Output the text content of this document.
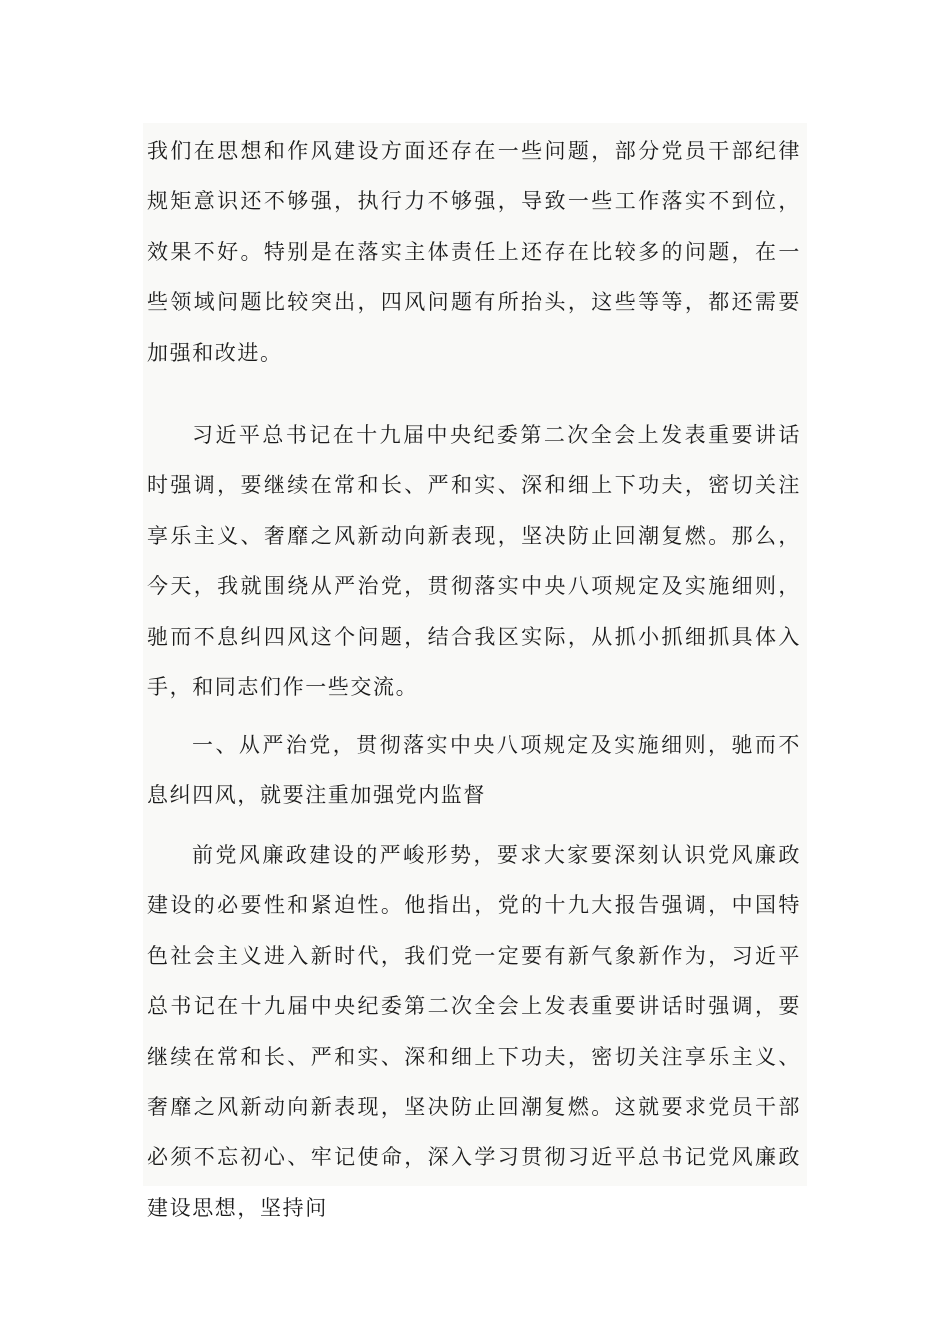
我们在思想和作风建设方面还存在一些问题，部分党员干部纪律规矩意识还不够强，执行力不够强，导致一些工作落实不到位，效果不好。特别是在落实主体责任上还存在比较多的问题，在一些领域问题比较突出，四风问题有所抬头，这些等等，都还需要加强和改进。

习近平总书记在十九届中央纪委第二次全会上发表重要讲话时强调，要继续在常和长、严和实、深和细上下功夫，密切关注享乐主义、奢靡之风新动向新表现，坚决防止回潮复燃。那么，今天，我就围绕从严治党，贯彻落实中央八项规定及实施细则，驰而不息纠四风这个问题，结合我区实际，从抓小抓细抓具体入手，和同志们作一些交流。

一、从严治党，贯彻落实中央八项规定及实施细则，驰而不息纠四风，就要注重加强党内监督

前党风廉政建设的严峻形势，要求大家要深刻认识党风廉政建设的必要性和紧迫性。他指出，党的十九大报告强调，中国特色社会主义进入新时代，我们党一定要有新气象新作为，习近平总书记在十九届中央纪委第二次全会上发表重要讲话时强调，要继续在常和长、严和实、深和细上下功夫，密切关注享乐主义、奢靡之风新动向新表现，坚决防止回潮复燃。这就要求党员干部必须不忘初心、牢记使命，深入学习贯彻习近平总书记党风廉政建设思想，坚持问
